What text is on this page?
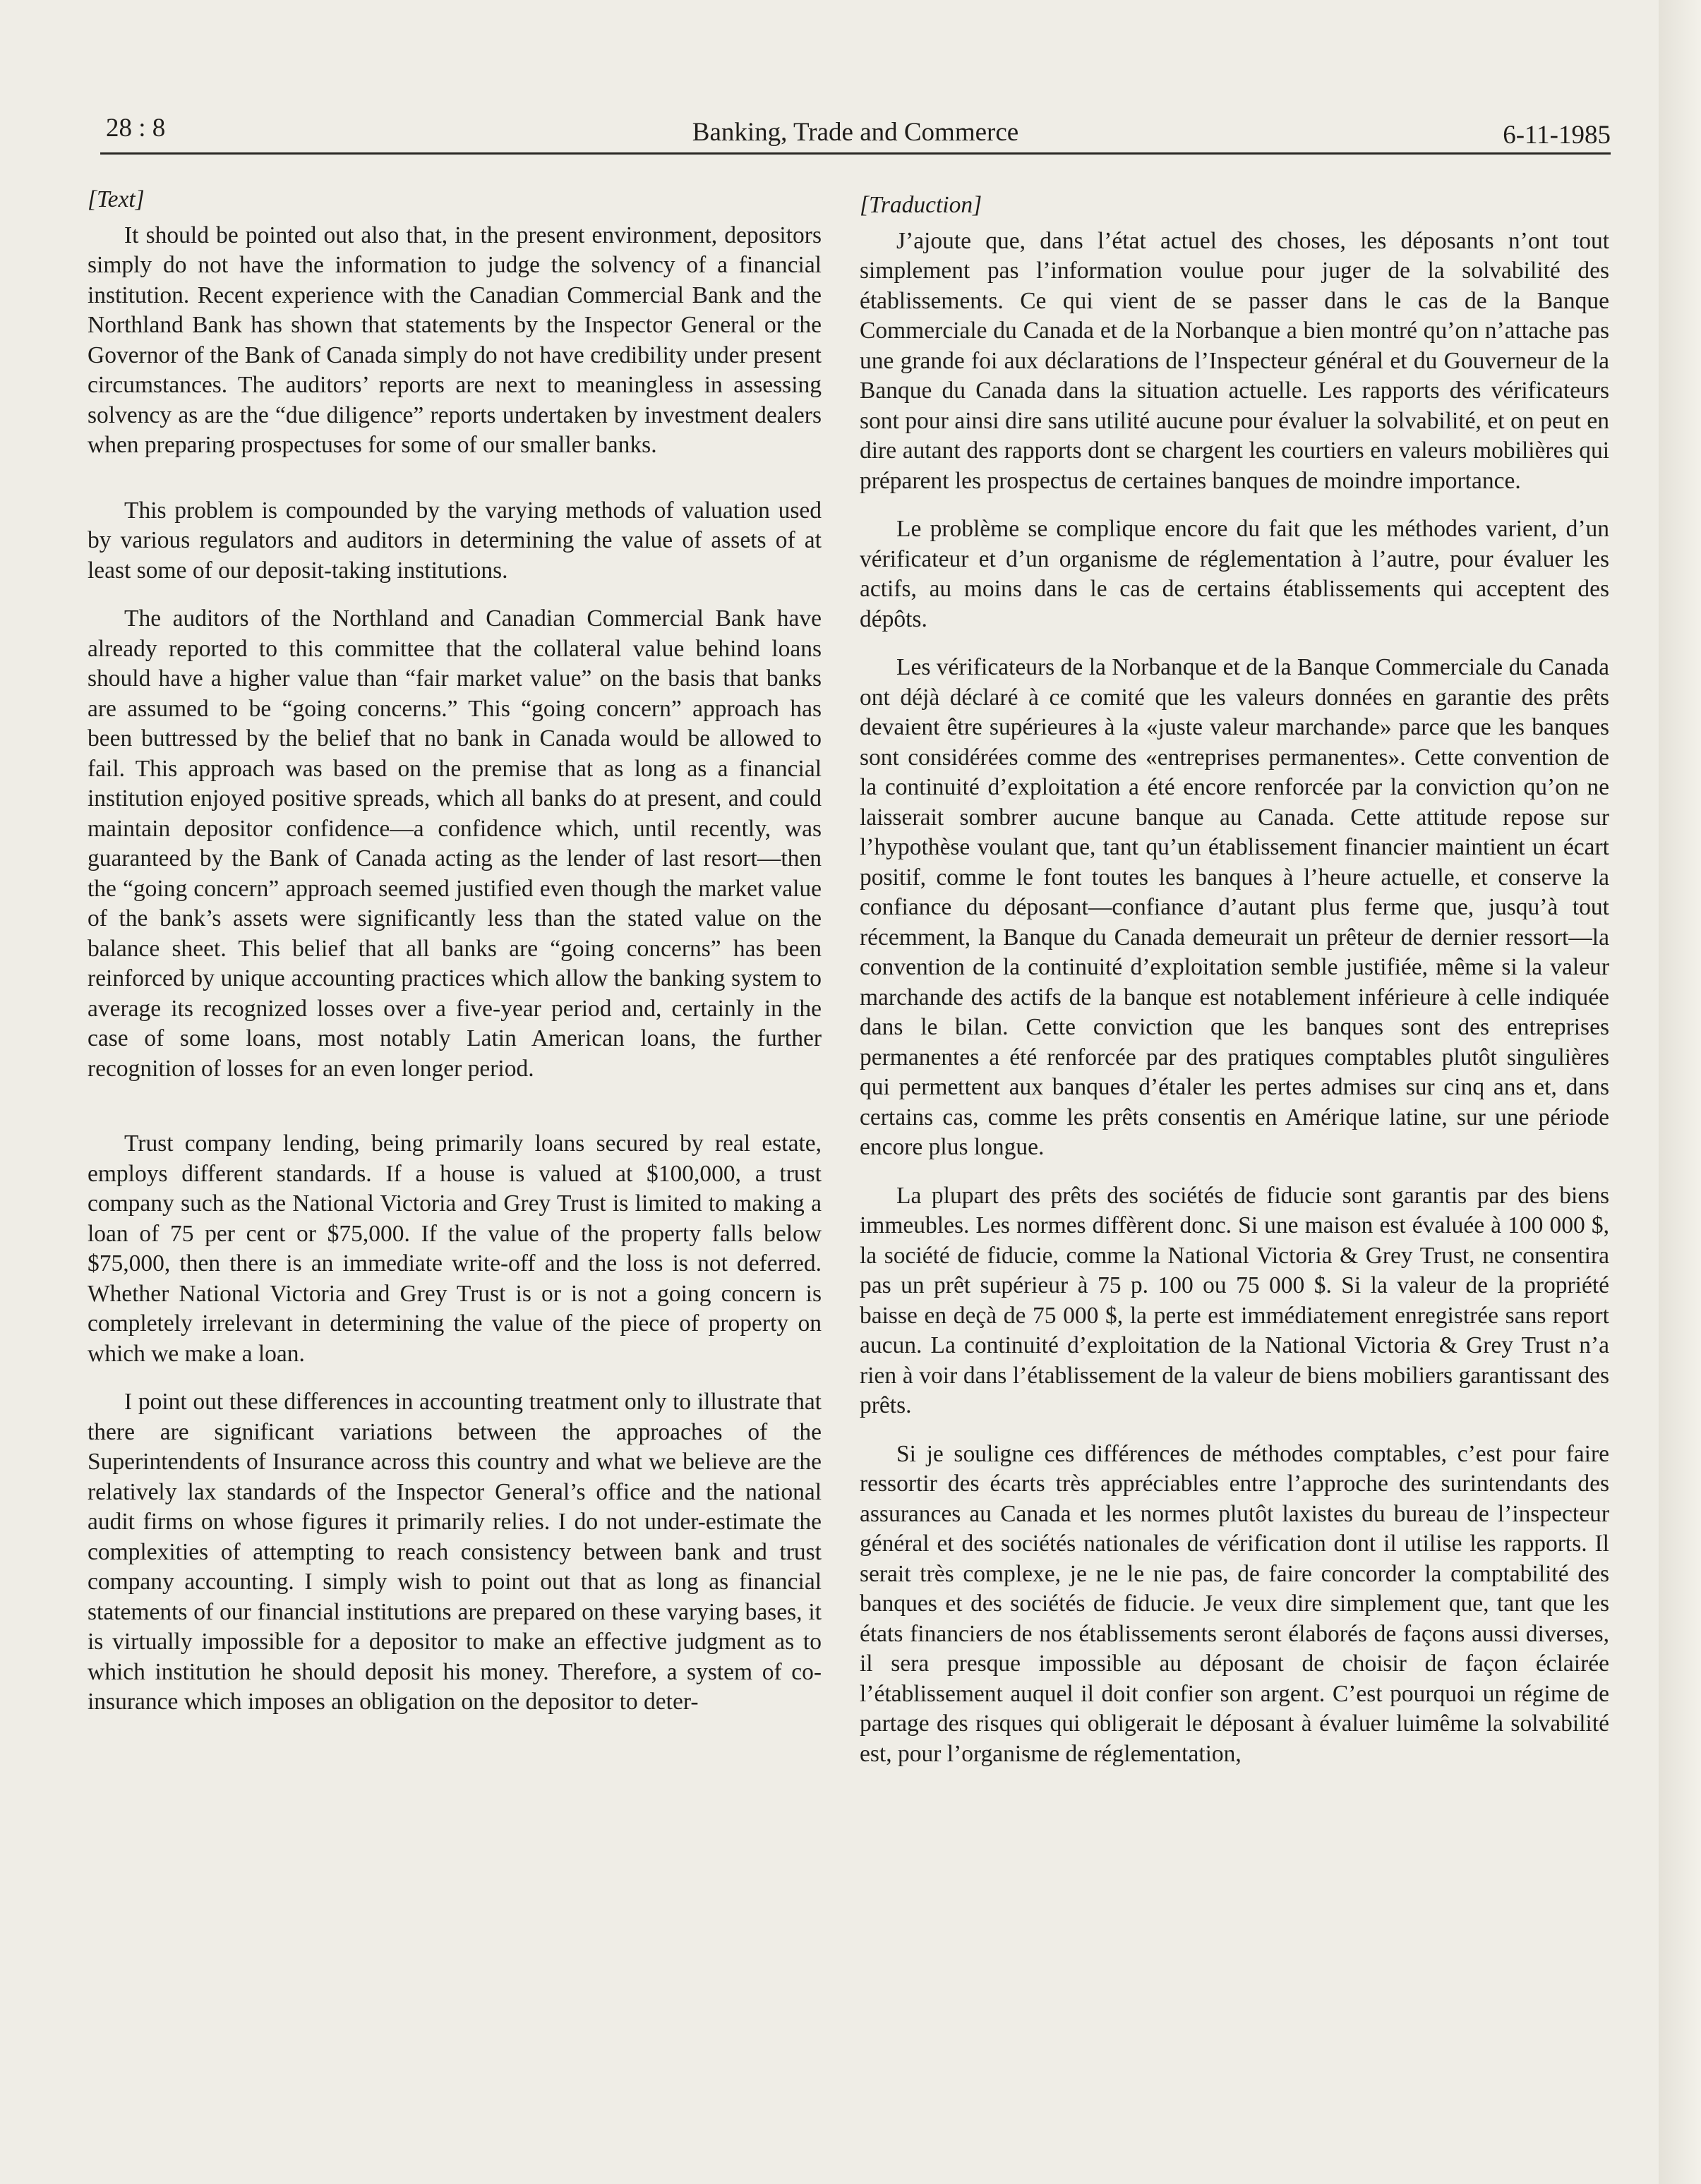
28 : 8	Banking, Trade and Commerce	6-11-1985
[Text]

It should be pointed out also that, in the present environment, depositors simply do not have the information to judge the solvency of a financial institution. Recent experience with the Canadian Commercial Bank and the Northland Bank has shown that statements by the Inspector General or the Governor of the Bank of Canada simply do not have credibility under present circumstances. The auditors’ reports are next to meaningless in assessing solvency as are the “due diligence” reports undertaken by investment dealers when preparing prospectuses for some of our smaller banks.

This problem is compounded by the varying methods of valuation used by various regulators and auditors in determining the value of assets of at least some of our deposit-taking institutions.

The auditors of the Northland and Canadian Commercial Bank have already reported to this committee that the collateral value behind loans should have a higher value than “fair market value” on the basis that banks are assumed to be “going concerns.” This “going concern” approach has been buttressed by the belief that no bank in Canada would be allowed to fail. This approach was based on the premise that as long as a financial institution enjoyed positive spreads, which all banks do at present, and could maintain depositor confidence—a confidence which, until recently, was guaranteed by the Bank of Canada acting as the lender of last resort—then the “going concern” approach seemed justified even though the market value of the bank’s assets were significantly less than the stated value on the balance sheet. This belief that all banks are “going concerns” has been reinforced by unique accounting practices which allow the banking system to average its recognized losses over a five-year period and, certainly in the case of some loans, most notably Latin American loans, the further recognition of losses for an even longer period.

Trust company lending, being primarily loans secured by real estate, employs different standards. If a house is valued at $100,000, a trust company such as the National Victoria and Grey Trust is limited to making a loan of 75 per cent or $75,000. If the value of the property falls below $75,000, then there is an immediate write-off and the loss is not deferred. Whether National Victoria and Grey Trust is or is not a going concern is completely irrelevant in determining the value of the piece of property on which we make a loan.

I point out these differences in accounting treatment only to illustrate that there are significant variations between the approaches of the Superintendents of Insurance across this country and what we believe are the relatively lax standards of the Inspector General’s office and the national audit firms on whose figures it primarily relies. I do not under-estimate the complexities of attempting to reach consistency between bank and trust company accounting. I simply wish to point out that as long as financial statements of our financial institutions are prepared on these varying bases, it is virtually impossible for a depositor to make an effective judgment as to which institution he should deposit his money. Therefore, a system of co-insurance which imposes an obligation on the depositor to deter-

[Traduction]

J’ajoute que, dans l’état actuel des choses, les déposants n’ont tout simplement pas l’information voulue pour juger de la solvabilité des établissements. Ce qui vient de se passer dans le cas de la Banque Commerciale du Canada et de la Norbanque a bien montré qu’on n’attache pas une grande foi aux déclarations de l’Inspecteur général et du Gouverneur de la Banque du Canada dans la situation actuelle. Les rapports des vérificateurs sont pour ainsi dire sans utilité aucune pour évaluer la solvabilité, et on peut en dire autant des rapports dont se chargent les courtiers en valeurs mobilières qui préparent les prospectus de certaines banques de moindre importance.

Le problème se complique encore du fait que les méthodes varient, d’un vérificateur et d’un organisme de réglementation à l’autre, pour évaluer les actifs, au moins dans le cas de certains établissements qui acceptent des dépôts.

Les vérificateurs de la Norbanque et de la Banque Commerciale du Canada ont déjà déclaré à ce comité que les valeurs données en garantie des prêts devaient être supérieures à la «juste valeur marchande» parce que les banques sont considérées comme des «entreprises permanentes». Cette convention de la continuité d’exploitation a été encore renforcée par la conviction qu’on ne laisserait sombrer aucune banque au Canada. Cette attitude repose sur l’hypothèse voulant que, tant qu’un établissement financier maintient un écart positif, comme le font toutes les banques à l’heure actuelle, et conserve la confiance du déposant—confiance d’autant plus ferme que, jusqu’à tout récemment, la Banque du Canada demeurait un prêteur de dernier ressort—la convention de la continuité d’exploitation semble justifiée, même si la valeur marchande des actifs de la banque est notablement inférieure à celle indiquée dans le bilan. Cette conviction que les banques sont des entreprises permanentes a été renforcée par des pratiques comptables plutôt singulières qui permettent aux banques d’étaler les pertes admises sur cinq ans et, dans certains cas, comme les prêts consentis en Amérique latine, sur une période encore plus longue.

La plupart des prêts des sociétés de fiducie sont garantis par des biens immeubles. Les normes diffèrent donc. Si une maison est évaluée à 100 000 $, la société de fiducie, comme la National Victoria & Grey Trust, ne consentira pas un prêt supérieur à 75 p. 100 ou 75 000 $. Si la valeur de la propriété baisse en deçà de 75 000 $, la perte est immédiatement enregistrée sans report aucun. La continuité d’exploitation de la National Victoria & Grey Trust n’a rien à voir dans l’établissement de la valeur de biens mobiliers garantissant des prêts.

Si je souligne ces différences de méthodes comptables, c’est pour faire ressortir des écarts très appréciables entre l’approche des surintendants des assurances au Canada et les normes plutôt laxistes du bureau de l’inspecteur général et des sociétés nationales de vérification dont il utilise les rapports. Il serait très complexe, je ne le nie pas, de faire concorder la comptabilité des banques et des sociétés de fiducie. Je veux dire simplement que, tant que les états financiers de nos établissements seront élaborés de façons aussi diverses, il sera presque impossible au déposant de choisir de façon éclairée l’établissement auquel il doit confier son argent. C’est pourquoi un régime de partage des risques qui obligerait le déposant à évaluer luimême la solvabilité est, pour l’organisme de réglementation,
